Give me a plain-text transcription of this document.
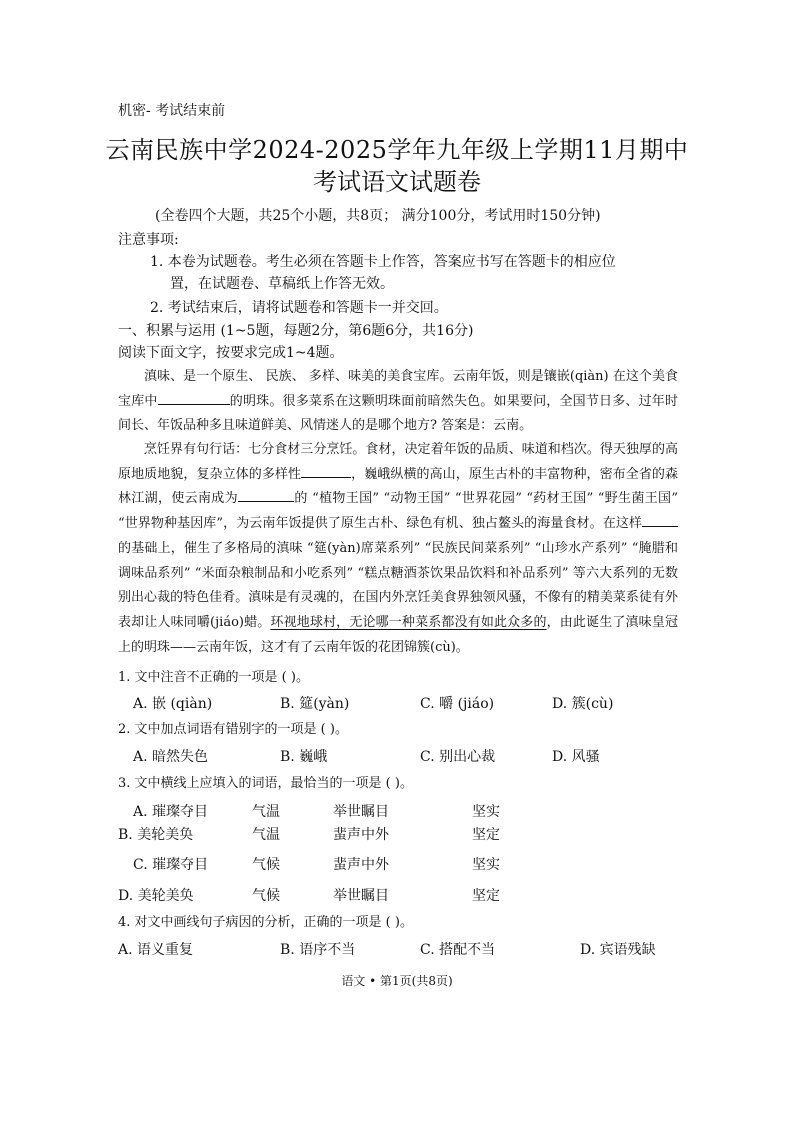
机密- 考试结束前
云南民族中学2024-2025学年九年级上学期11月期中
考试语文试题卷
(全卷四个大题，共25个小题，共8页； 满分100分，考试用时150分钟)
注意事项:
1. 本卷为试题卷。考生必须在答题卡上作答，答案应书写在答题卡的相应位
置，在试题卷、草稿纸上作答无效。
2. 考试结束后，请将试题卷和答题卡一并交回。
一、积累与运用 (1~5题，每题2分，第6题6分，共16分)
阅读下面文字，按要求完成1~4题。
滇味、是一个原生、 民族、 多样、味美的美食宝库。云南年饭，则是镶嵌(qiàn) 在这个美食宝库中	的明珠。很多菜系在这颗明珠面前暗然失色。如果要问，全国节日多、过年时间长、年饭品种多且味道鲜美、风情迷人的是哪个地方? 答案是：云南。
烹饪界有句行话：七分食材三分烹饪。食材，决定着年饭的品质、味道和档次。得天独厚的高原地质地貌，复杂立体的多样性	，巍峨纵横的高山，原生古朴的丰富物种，密布全省的森林江湖，使云南成为	的 “植物王国” “动物王国” “世界花园” “药材王国” “野生菌王国” “世界物种基因库”，为云南年饭提供了原生古朴、绿色有机、独占鳌头的海量食材。在这样的基础上，催生了多格局的滇味 “筵(yàn)席菜系列” “民族民间菜系列” “山珍水产系列” “腌腊和调味品系列” “米面杂粮制品和小吃系列” “糕点糖酒茶饮果品饮料和补品系列” 等六大系列的无数别出心裁的特色佳肴。滇味是有灵魂的，在国内外烹饪美食界独领风骚，不像有的精美菜系徒有外表却让人味同嚼(jiáo)蜡。环视地球村，无论哪一种菜系都没有如此众多的，由此诞生了滇味皇冠上的明珠——云南年饭，这才有了云南年饭的花团锦簇(cù)。
1. 文中注音不正确的一项是 ( )。
A. 嵌 (qiàn)	B. 筵(yàn)	C. 嚼 (jiáo)	D. 簇(cù)
2. 文中加点词语有错别字的一项是 ( )。
A. 暗然失色	B. 巍峨	C. 别出心裁	D. 风骚
3. 文中横线上应填入的词语，最恰当的一项是 ( )。
A. 璀璨夺目	气温	举世瞩目	坚实
B. 美轮美奂	气温	蜚声中外	坚定
C. 璀璨夺目	气候	蜚声中外	坚实
D. 美轮美奂	气候	举世瞩目	坚定
4. 对文中画线句子病因的分析，正确的一项是 ( )。
A. 语义重复	B. 语序不当	C. 搭配不当	D. 宾语残缺
语文 • 第1页(共8页)
